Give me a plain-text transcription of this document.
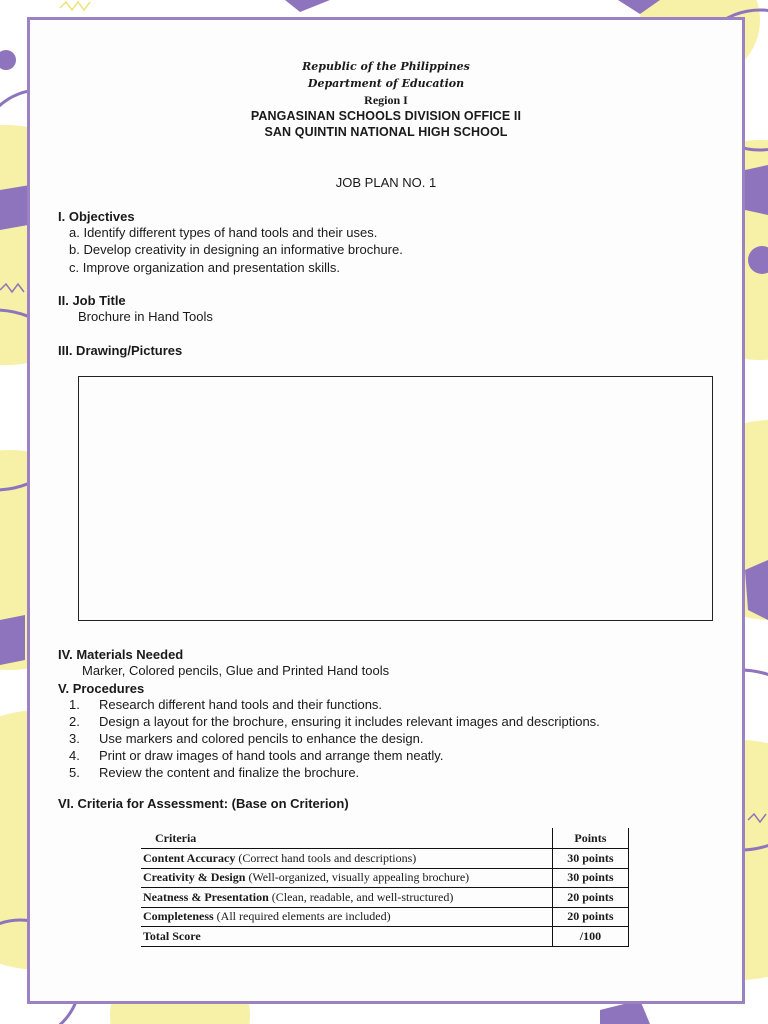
Republic of the Philippines
Department of Education
Region I
PANGASINAN SCHOOLS DIVISION OFFICE II
SAN QUINTIN NATIONAL HIGH SCHOOL
JOB PLAN NO. 1
I. Objectives
a. Identify different types of hand tools and their uses.
b. Develop creativity in designing an informative brochure.
c. Improve organization and presentation skills.
II. Job Title
Brochure in Hand Tools
III. Drawing/Pictures
IV. Materials Needed
Marker, Colored pencils, Glue and Printed Hand tools
V. Procedures
1. Research different hand tools and their functions.
2. Design a layout for the brochure, ensuring it includes relevant images and descriptions.
3. Use markers and colored pencils to enhance the design.
4. Print or draw images of hand tools and arrange them neatly.
5. Review the content and finalize the brochure.
VI. Criteria for Assessment: (Base on Criterion)
Criteria	Points
Content Accuracy (Correct hand tools and descriptions)	30 points
Creativity & Design (Well-organized, visually appealing brochure)	30 points
Neatness & Presentation (Clean, readable, and well-structured)	20 points
Completeness (All required elements are included)	20 points
Total Score	/100
